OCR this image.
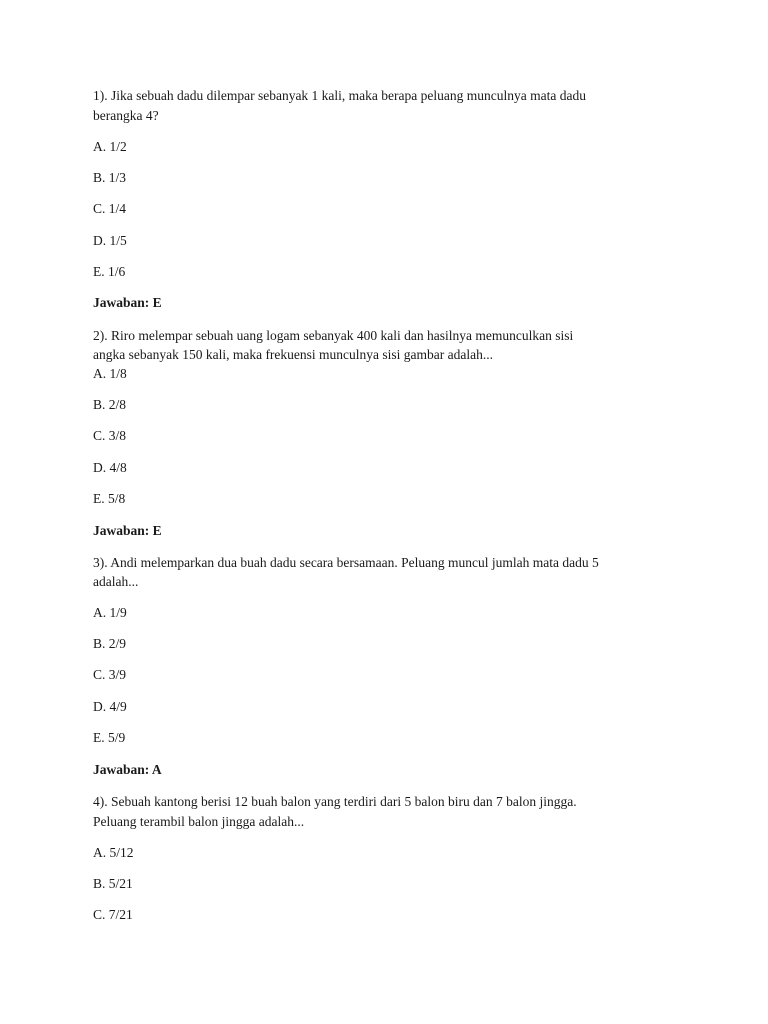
1). Jika sebuah dadu dilempar sebanyak 1 kali, maka berapa peluang munculnya mata dadu

berangka 4?

A. 1/2

B. 1/3

C. 1/4

D. 1/5

E. 1/6

Jawaban: E

2). Riro melempar sebuah uang logam sebanyak 400 kali dan hasilnya memunculkan sisi

angka sebanyak 150 kali, maka frekuensi munculnya sisi gambar adalah...

A. 1/8

B. 2/8

C. 3/8

D. 4/8

E. 5/8

Jawaban: E

3). Andi melemparkan dua buah dadu secara bersamaan. Peluang muncul jumlah mata dadu 5

adalah...

A. 1/9

B. 2/9

C. 3/9

D. 4/9

E. 5/9

Jawaban: A

4). Sebuah kantong berisi 12 buah balon yang terdiri dari 5 balon biru dan 7 balon jingga.

Peluang terambil balon jingga adalah...

A. 5/12

B. 5/21

C. 7/21
